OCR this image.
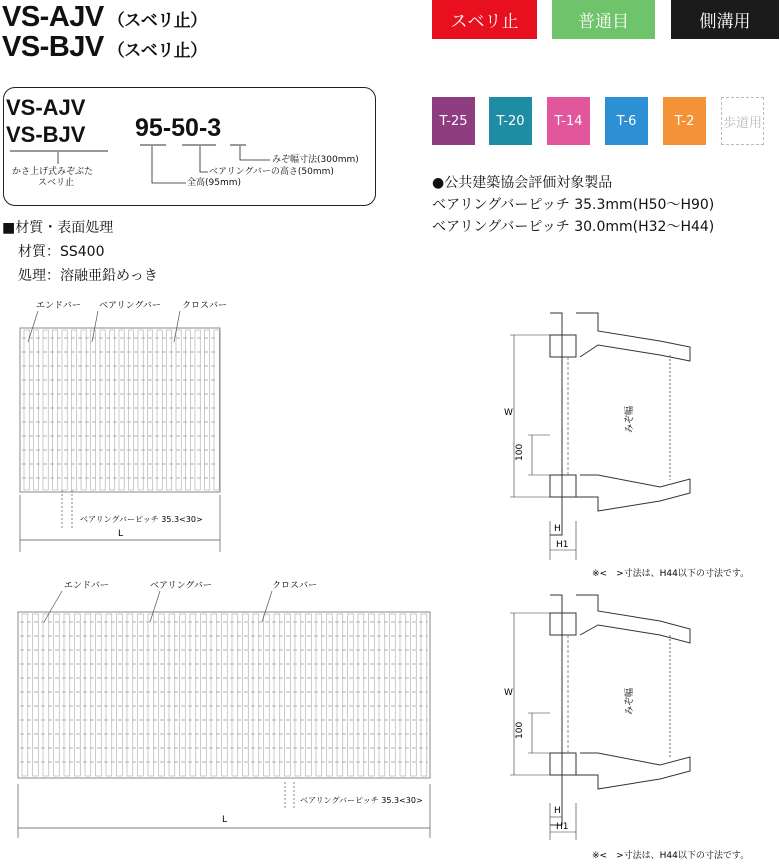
VS-AJV （スベリ止）
VS-BJV （スベリ止）
スベリ止	普通目	側溝用
T-25 T-20 T-14	T-6	T-2 歩道用
VS-AJV
VS-BJV 95-50-3
みぞ幅寸法(300mm)
ベアリングバーの高さ(50mm)
全高(95mm)
かさ上げ式みぞぶた
スベリ止	●公共建築協会評価対象製品
ベアリングバーピッチ 35.3mm(H50〜H90)
ベアリングバーピッチ 30.0mm(H32〜H44)
■材質・表面処理
材質：SS400
処理：溶融亜鉛めっき
エンドバー ベアリングバー クロスバー
ベアリングバーピッチ 35.3<30>
L
エンドバー	ベアリングバー	クロスバー
ベアリングバーピッチ 35.3<30>
L
W
100
みぞ幅
H
H1
※<　>寸法は、H44以下の寸法です。
W
100
みぞ幅
H
H1
※<　>寸法は、H44以下の寸法です。
